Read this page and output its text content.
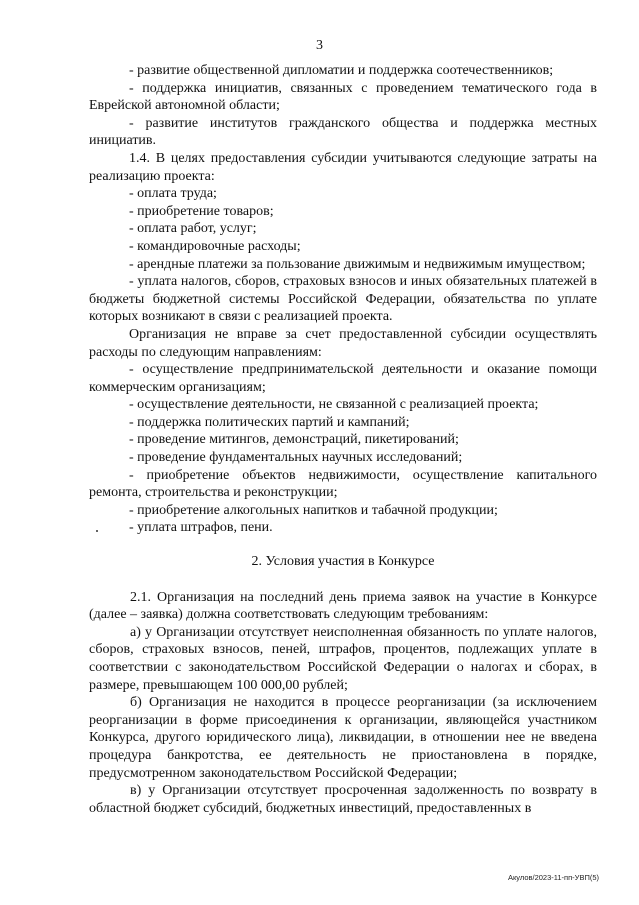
3

- развитие общественной дипломатии и поддержка соотечественников;

- поддержка инициатив, связанных с проведением тематического года в Еврейской автономной области;

- развитие институтов гражданского общества и поддержка местных инициатив.

1.4. В целях предоставления субсидии учитываются следующие затраты на реализацию проекта:

- оплата труда;

- приобретение товаров;

- оплата работ, услуг;

- командировочные расходы;

- арендные платежи за пользование движимым и недвижимым имуществом;

- уплата налогов, сборов, страховых взносов и иных обязательных платежей в бюджеты бюджетной системы Российской Федерации, обязательства по уплате которых возникают в связи с реализацией проекта.

Организация не вправе за счет предоставленной субсидии осуществлять расходы по следующим направлениям:

- осуществление предпринимательской деятельности и оказание помощи коммерческим организациям;

- осуществление деятельности, не связанной с реализацией проекта;

- поддержка политических партий и кампаний;

- проведение митингов, демонстраций, пикетирований;

- проведение фундаментальных научных исследований;

- приобретение объектов недвижимости, осуществление капитального ремонта, строительства и реконструкции;

- приобретение алкогольных напитков и табачной продукции;

- уплата штрафов, пени.

2. Условия участия в Конкурсе

2.1. Организация на последний день приема заявок на участие в Конкурсе (далее – заявка) должна соответствовать следующим требованиям:

а) у Организации отсутствует неисполненная обязанность по уплате налогов, сборов, страховых взносов, пеней, штрафов, процентов, подлежащих уплате в соответствии с законодательством Российской Федерации о налогах и сборах, в размере, превышающем 100 000,00 рублей;

б) Организация не находится в процессе реорганизации (за исключением реорганизации в форме присоединения к организации, являющейся участником Конкурса, другого юридического лица), ликвидации, в отношении нее не введена процедура банкротства, ее деятельность не приостановлена в порядке, предусмотренном законодательством Российской Федерации;

в) у Организации отсутствует просроченная задолженность по возврату в областной бюджет субсидий, бюджетных инвестиций, предоставленных в

Акулов/2023-11-пп-УВП(5)
